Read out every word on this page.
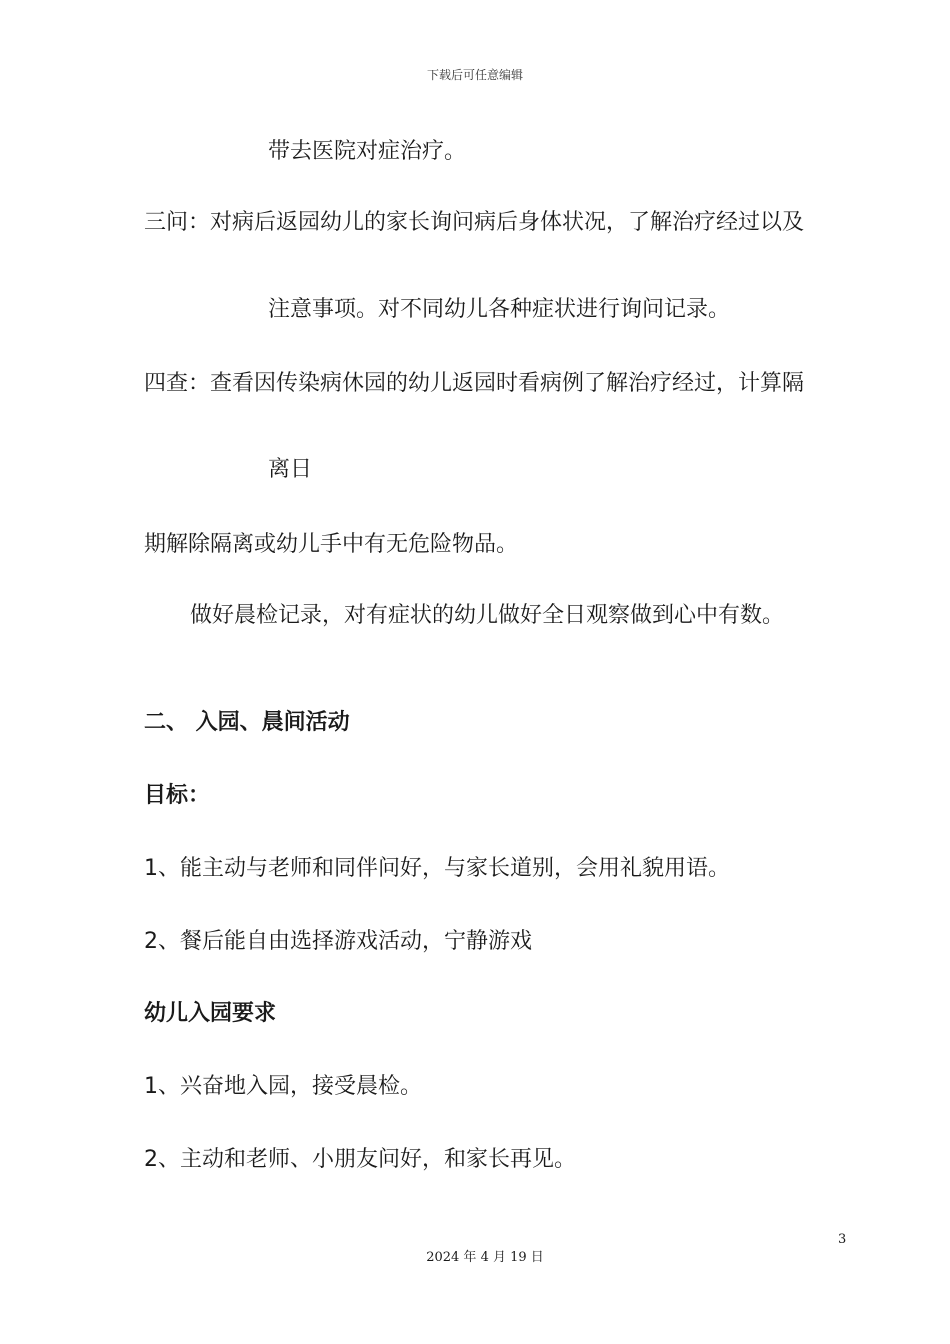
下载后可任意编辑
带去医院对症治疗。
三问：对病后返园幼儿的家长询问病后身体状况，了解治疗经过以及
注意事项。对不同幼儿各种症状进行询问记录。
四查：查看因传染病休园的幼儿返园时看病例了解治疗经过，计算隔
离日
期解除隔离或幼儿手中有无危险物品。
做好晨检记录，对有症状的幼儿做好全日观察做到心中有数。
二、 入园、晨间活动
目标：
1、能主动与老师和同伴问好，与家长道别，会用礼貌用语。
2、餐后能自由选择游戏活动，宁静游戏
幼儿入园要求
1、兴奋地入园，接受晨检。
2、主动和老师、小朋友问好，和家长再见。
3
2024 年 4 月 19 日
